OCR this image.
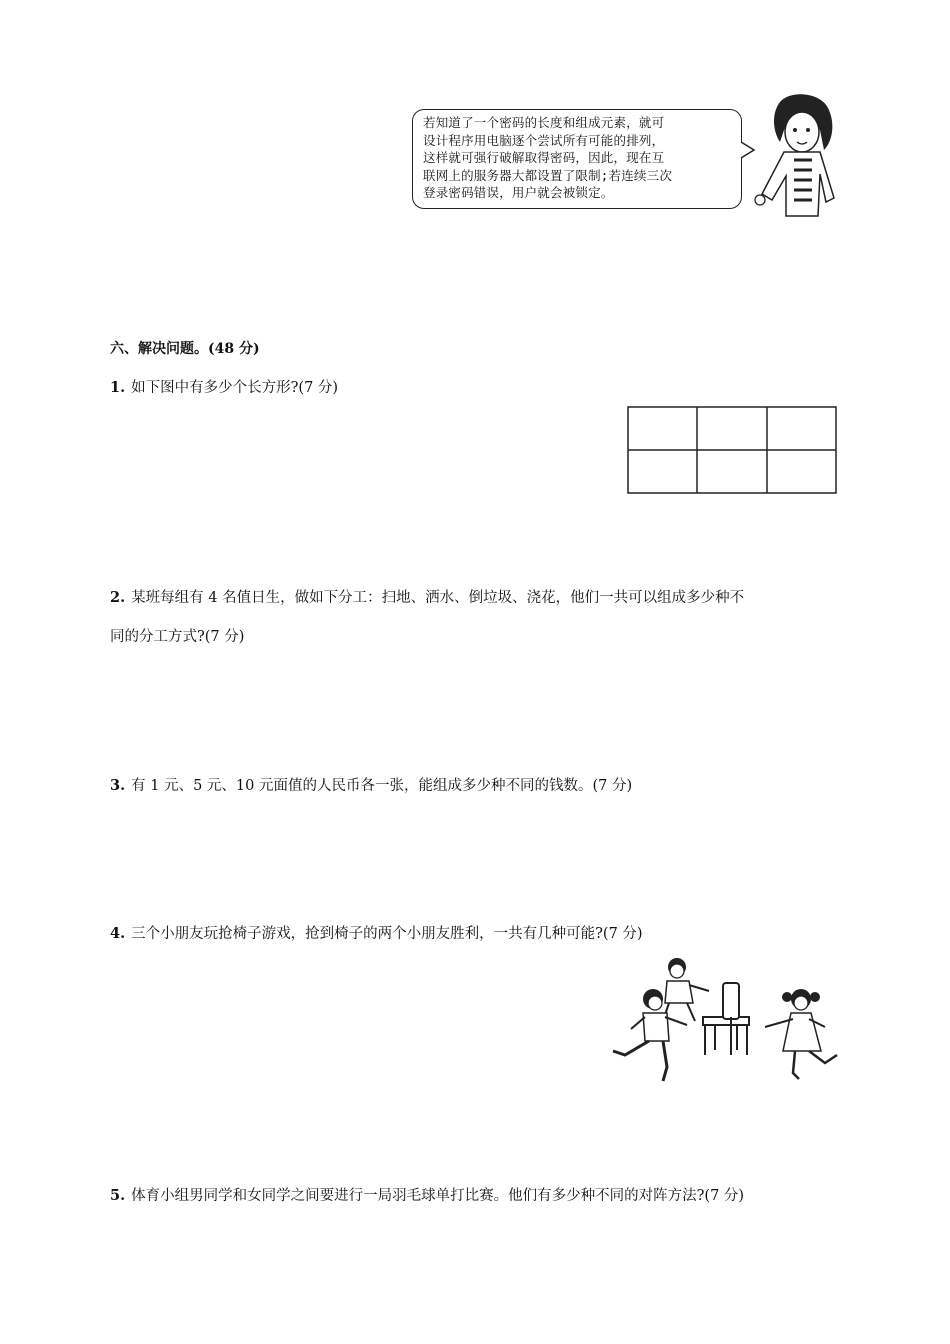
若知道了一个密码的长度和组成元素，就可
设计程序用电脑逐个尝试所有可能的排列，
这样就可强行破解取得密码，因此，现在互
联网上的服务器大都设置了限制;若连续三次
登录密码错误，用户就会被锁定。
六、解决问题。(48 分)
1. 如下图中有多少个长方形?(7 分)
2. 某班每组有 4 名值日生，做如下分工：扫地、洒水、倒垃圾、浇花，他们一共可以组成多少种不
同的分工方式?(7 分)
3. 有 1 元、5 元、10 元面值的人民币各一张，能组成多少种不同的钱数。(7 分)
4. 三个小朋友玩抢椅子游戏，抢到椅子的两个小朋友胜利，一共有几种可能?(7 分)
5. 体育小组男同学和女同学之间要进行一局羽毛球单打比赛。他们有多少种不同的对阵方法?(7 分)
